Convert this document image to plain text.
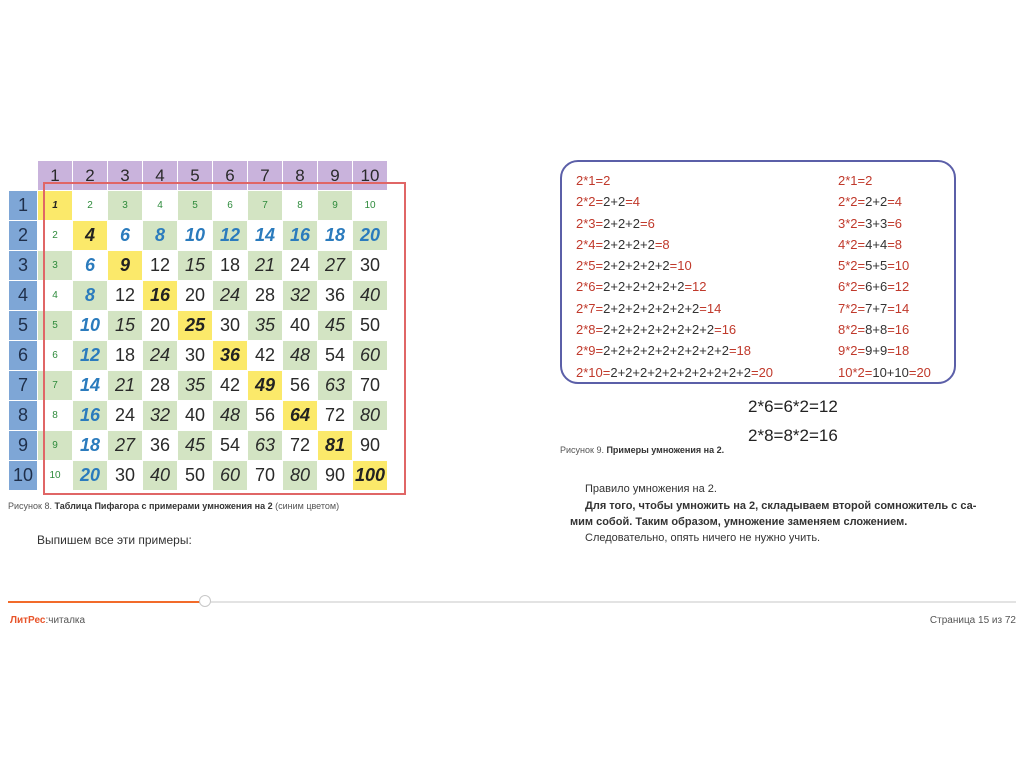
	1	2	3	4	5	6	7	8	9	10
1	1	2	3	4	5	6	7	8	9	10
2	2	4	6	8	10	12	14	16	18	20
3	3	6	9	12	15	18	21	24	27	30
4	4	8	12	16	20	24	28	32	36	40
5	5	10	15	20	25	30	35	40	45	50
6	6	12	18	24	30	36	42	48	54	60
7	7	14	21	28	35	42	49	56	63	70
8	8	16	24	32	40	48	56	64	72	80
9	9	18	27	36	45	54	63	72	81	90
10	10	20	30	40	50	60	70	80	90	100
Рисунок 8. Таблица Пифагора с примерами умножения на 2 (синим цветом)
Выпишем все эти примеры:
2*1=2
2*2=2+2=4
2*3=2+2+2=6
2*4=2+2+2+2=8
2*5=2+2+2+2+2=10
2*6=2+2+2+2+2+2=12
2*7=2+2+2+2+2+2+2=14
2*8=2+2+2+2+2+2+2+2=16
2*9=2+2+2+2+2+2+2+2+2=18
2*10=2+2+2+2+2+2+2+2+2+2=20
2*1=2
2*2=2+2=4
3*2=3+3=6
4*2=4+4=8
5*2=5+5=10
6*2=6+6=12
7*2=7+7=14
8*2=8+8=16
9*2=9+9=18
10*2=10+10=20
2*6=6*2=12
2*8=8*2=16
Рисунок 9. Примеры умножения на 2.
Правило умножения на 2.
Для того, чтобы умножить на 2, складываем второй сомножитель с са-
мим собой. Таким образом, умножение заменяем сложением.
Следовательно, опять ничего не нужно учить.
ЛитРес:читалка	Страница 15 из 72
